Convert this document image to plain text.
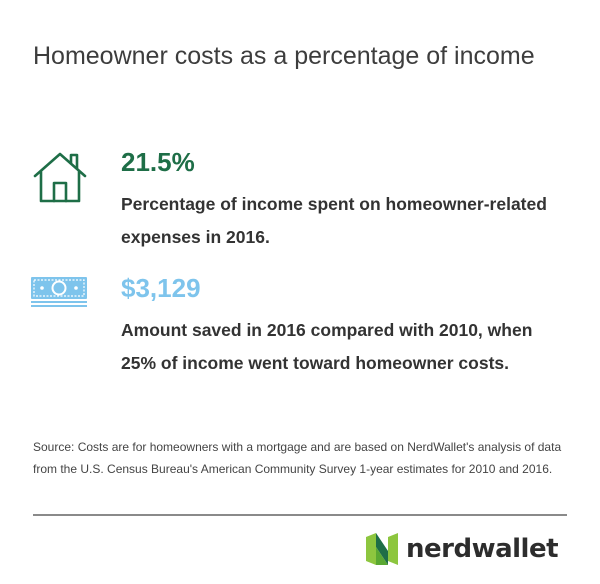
Homeowner costs as a percentage of income
21.5%

Percentage of income spent on homeowner-related expenses in 2016.

$3,129

Amount saved in 2016 compared with 2010, when 25% of income went toward homeowner costs.

Source: Costs are for homeowners with a mortgage and are based on NerdWallet's analysis of data from the U.S. Census Bureau's American Community Survey 1-year estimates for 2010 and 2016.

nerdwallet
